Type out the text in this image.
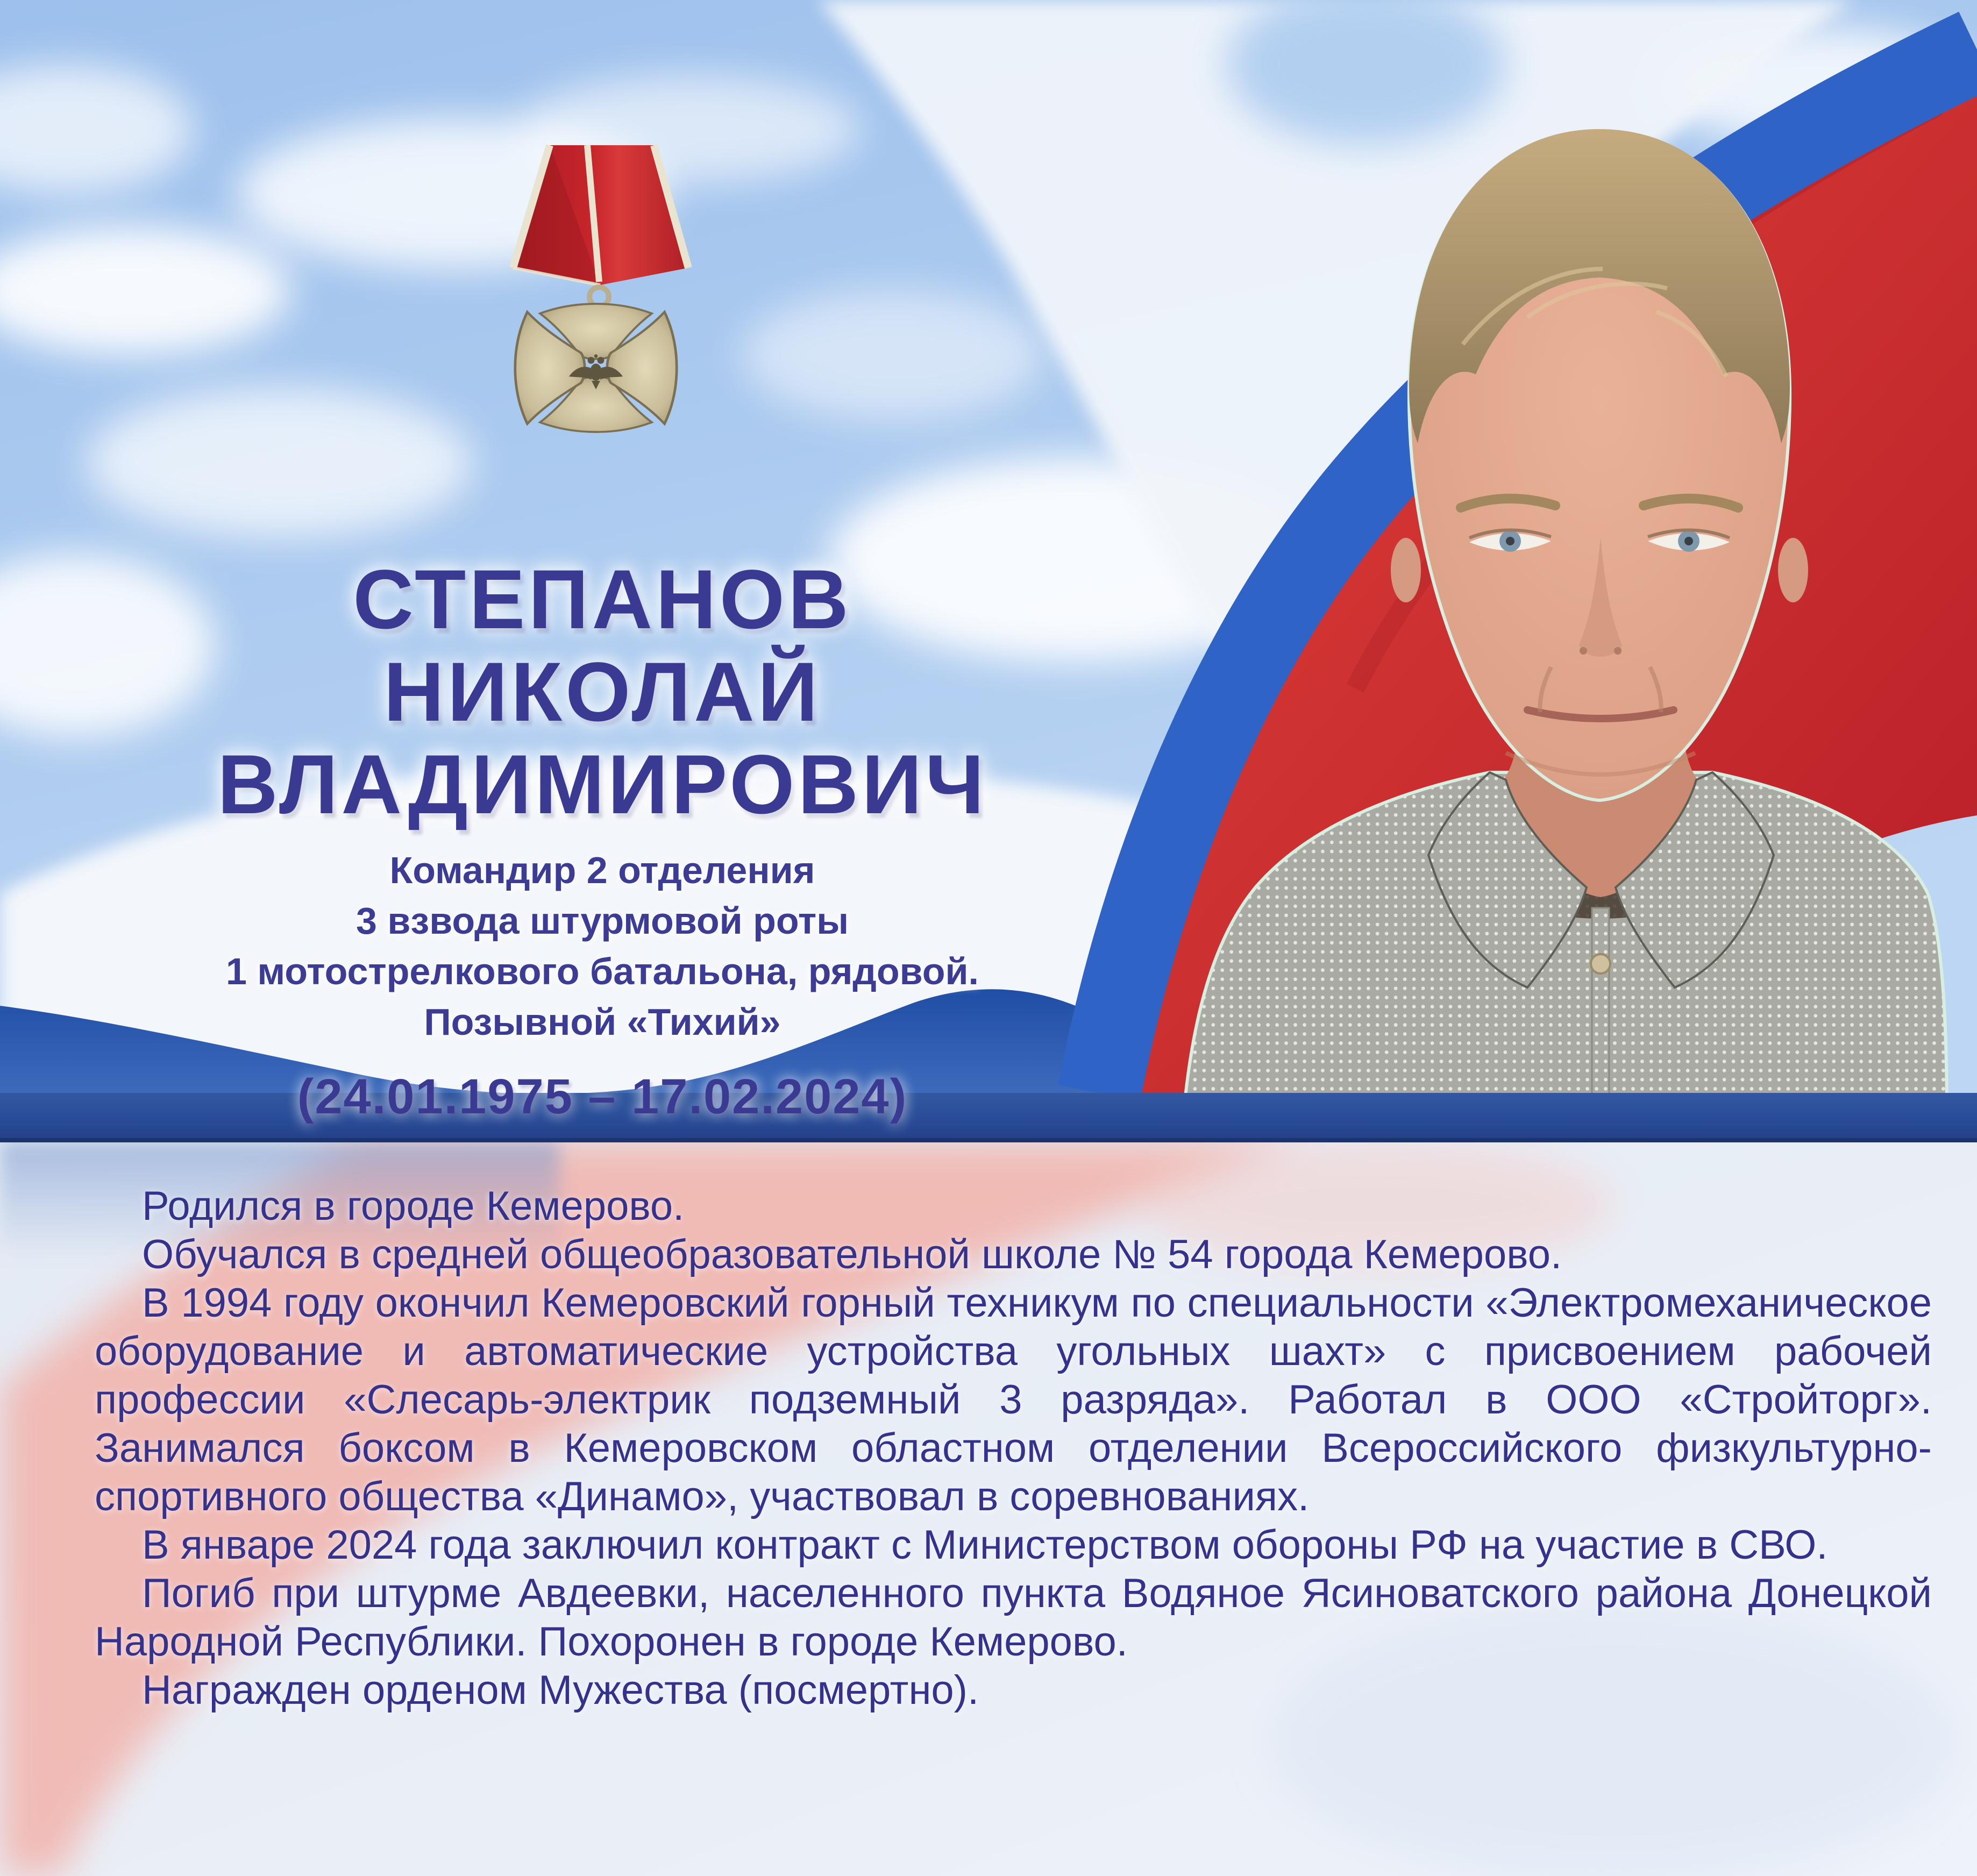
СТЕПАНОВ
НИКОЛАЙ ВЛАДИМИРОВИЧ
Командир 2 отделения
3 взвода штурмовой роты
1 мотострелкового батальона, рядовой.
Позывной «Тихий»
(24.01.1975 – 17.02.2024)

Родился в городе Кемерово.

Обучался в средней общеобразовательной школе № 54 города Кемерово.

В 1994 году окончил Кемеровский горный техникум по специальности «Электромеханическое оборудование и автоматические устройства угольных шахт» с присвоением рабочей профессии «Слесарь-электрик подземный 3 разряда». Работал в ООО «Стройторг». Занимался боксом в Кемеровском областном отделении Всероссийского физкультурно-спортивного общества «Динамо», участвовал в соревнованиях.

В январе 2024 года заключил контракт с Министерством обороны РФ на участие в СВО.

Погиб при штурме Авдеевки, населенного пункта Водяное Ясиноватского района Донецкой Народной Республики. Похоронен в городе Кемерово.

Награжден орденом Мужества (посмертно).
